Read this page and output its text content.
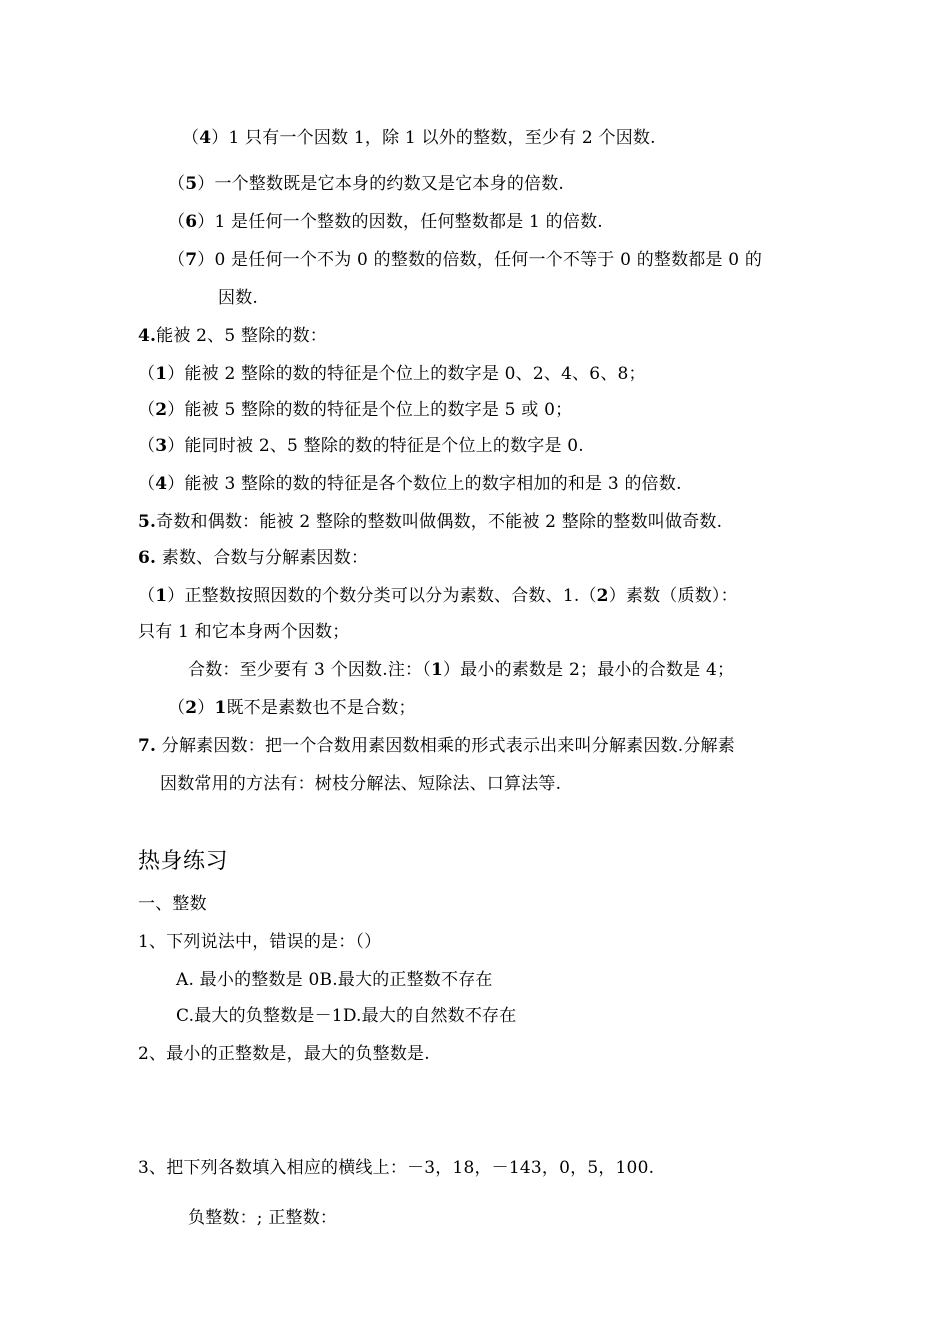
（4）1 只有一个因数 1，除 1 以外的整数，至少有 2 个因数.
（5）一个整数既是它本身的约数又是它本身的倍数.
（6）1 是任何一个整数的因数，任何整数都是 1 的倍数.
（7）0 是任何一个不为 0 的整数的倍数，任何一个不等于 0 的整数都是 0 的
因数.
4.能被 2、5 整除的数：
（1）能被 2 整除的数的特征是个位上的数字是 0、2、4、6、8；
（2）能被 5 整除的数的特征是个位上的数字是 5 或 0；
（3）能同时被 2、5 整除的数的特征是个位上的数字是 0.
（4）能被 3 整除的数的特征是各个数位上的数字相加的和是 3 的倍数.
5.奇数和偶数：能被 2 整除的整数叫做偶数，不能被 2 整除的整数叫做奇数.
6. 素数、合数与分解素因数：
（1）正整数按照因数的个数分类可以分为素数、合数、1.（2）素数（质数）：
只有 1 和它本身两个因数；
合数：至少要有 3 个因数.注：（1）最小的素数是 2；最小的合数是 4；
（2）1既不是素数也不是合数；
7. 分解素因数：把一个合数用素因数相乘的形式表示出来叫分解素因数.分解素
因数常用的方法有：树枝分解法、短除法、口算法等.
热身练习
一、整数
1、下列说法中，错误的是：（）
A. 最小的整数是 0B.最大的正整数不存在
C.最大的负整数是－1D.最大的自然数不存在
2、最小的正整数是，最大的负整数是.
3、把下列各数填入相应的横线上：－3，18，－143，0，5，100.
负整数：; 正整数：
